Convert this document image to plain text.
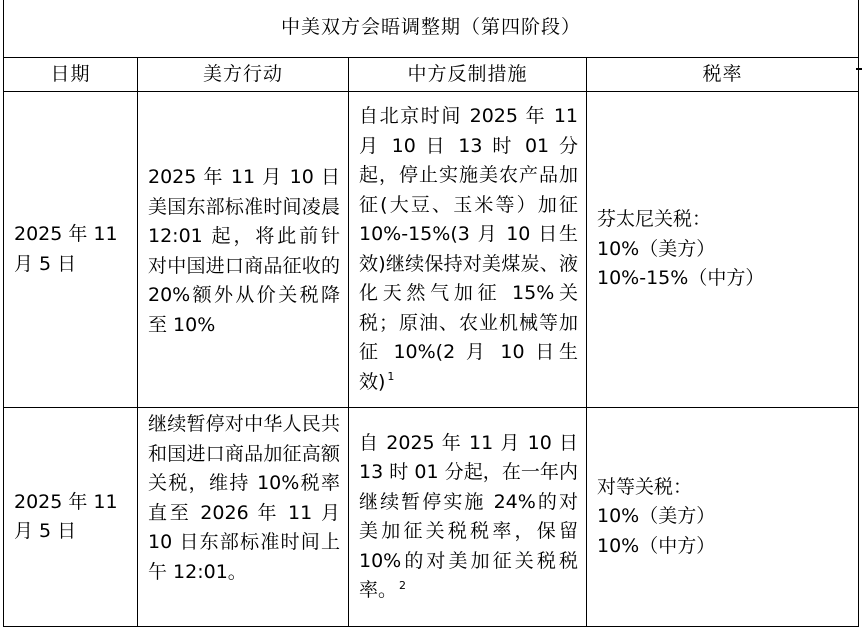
中美双方会晤调整期（第四阶段）			
日期	美方行动	中方反制措施	税率
2025 年 11 月 5 日	2025 年 11 月 10 日美国东部标准时间凌晨 12:01 起，将此前针对中国进口商品征收的 20%额外从价关税降至 10%	自北京时间 2025 年 11 月 10 日 13 时 01 分起，停止实施美农产品加征(大豆、玉米等）加征 10%-15%(3 月 10 日生效)继续保持对美煤炭、液化天然气加征 15%关税；原油、农业机械等加征 10%(2 月 10 日生效) $^1$	芬太尼关税：
10%（美方）
10%-15%（中方）

2025 年 11 月 5 日	继续暂停对中华人民共和国进口商品加征高额关税，维持 10%税率直至 2026 年 11 月 10 日东部标准时间上午 12:01。	自 2025 年 11 月 10 日 13 时 01 分起，在一年内继续暂停实施 24%的对美加征关税税率，保留 10%的对美加征关税税率。 $^2$	对等关税：
10%（美方）
10%（中方）
